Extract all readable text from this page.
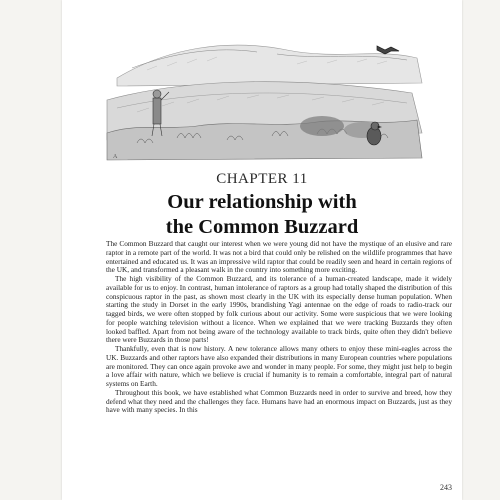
A
CHAPTER 11
Our relationship with
the Common Buzzard

The Common Buzzard that caught our interest when we were young did not have the mystique of an elusive and rare raptor in a remote part of the world. It was not a bird that could only be relished on the wildlife programmes that have entertained and educated us. It was an impressive wild raptor that could be readily seen and heard in certain regions of the UK, and transformed a pleasant walk in the country into something more exciting.

The high visibility of the Common Buzzard, and its tolerance of a human-created landscape, made it widely available for us to enjoy. In contrast, human intolerance of raptors as a group had totally shaped the distribution of this conspicuous raptor in the past, as shown most clearly in the UK with its especially dense human population. When starting the study in Dorset in the early 1990s, brandishing Yagi antennae on the edge of roads to radio-track our tagged birds, we were often stopped by folk curious about our activity. Some were suspicious that we were looking for people watching television without a licence. When we explained that we were tracking Buzzards they often looked baffled. Apart from not being aware of the technology available to track birds, quite often they didn't believe there were Buzzards in those parts!

Thankfully, even that is now history. A new tolerance allows many others to enjoy these mini-eagles across the UK. Buzzards and other raptors have also expanded their distributions in many European countries where populations are monitored. They can once again provoke awe and wonder in many people. For some, they might just help to begin a love affair with nature, which we believe is crucial if humanity is to remain a comfortable, integral part of natural systems on Earth.

Throughout this book, we have established what Common Buzzards need in order to survive and breed, how they defend what they need and the challenges they face. Humans have had an enormous impact on Buzzards, just as they have with many species. In this

243
